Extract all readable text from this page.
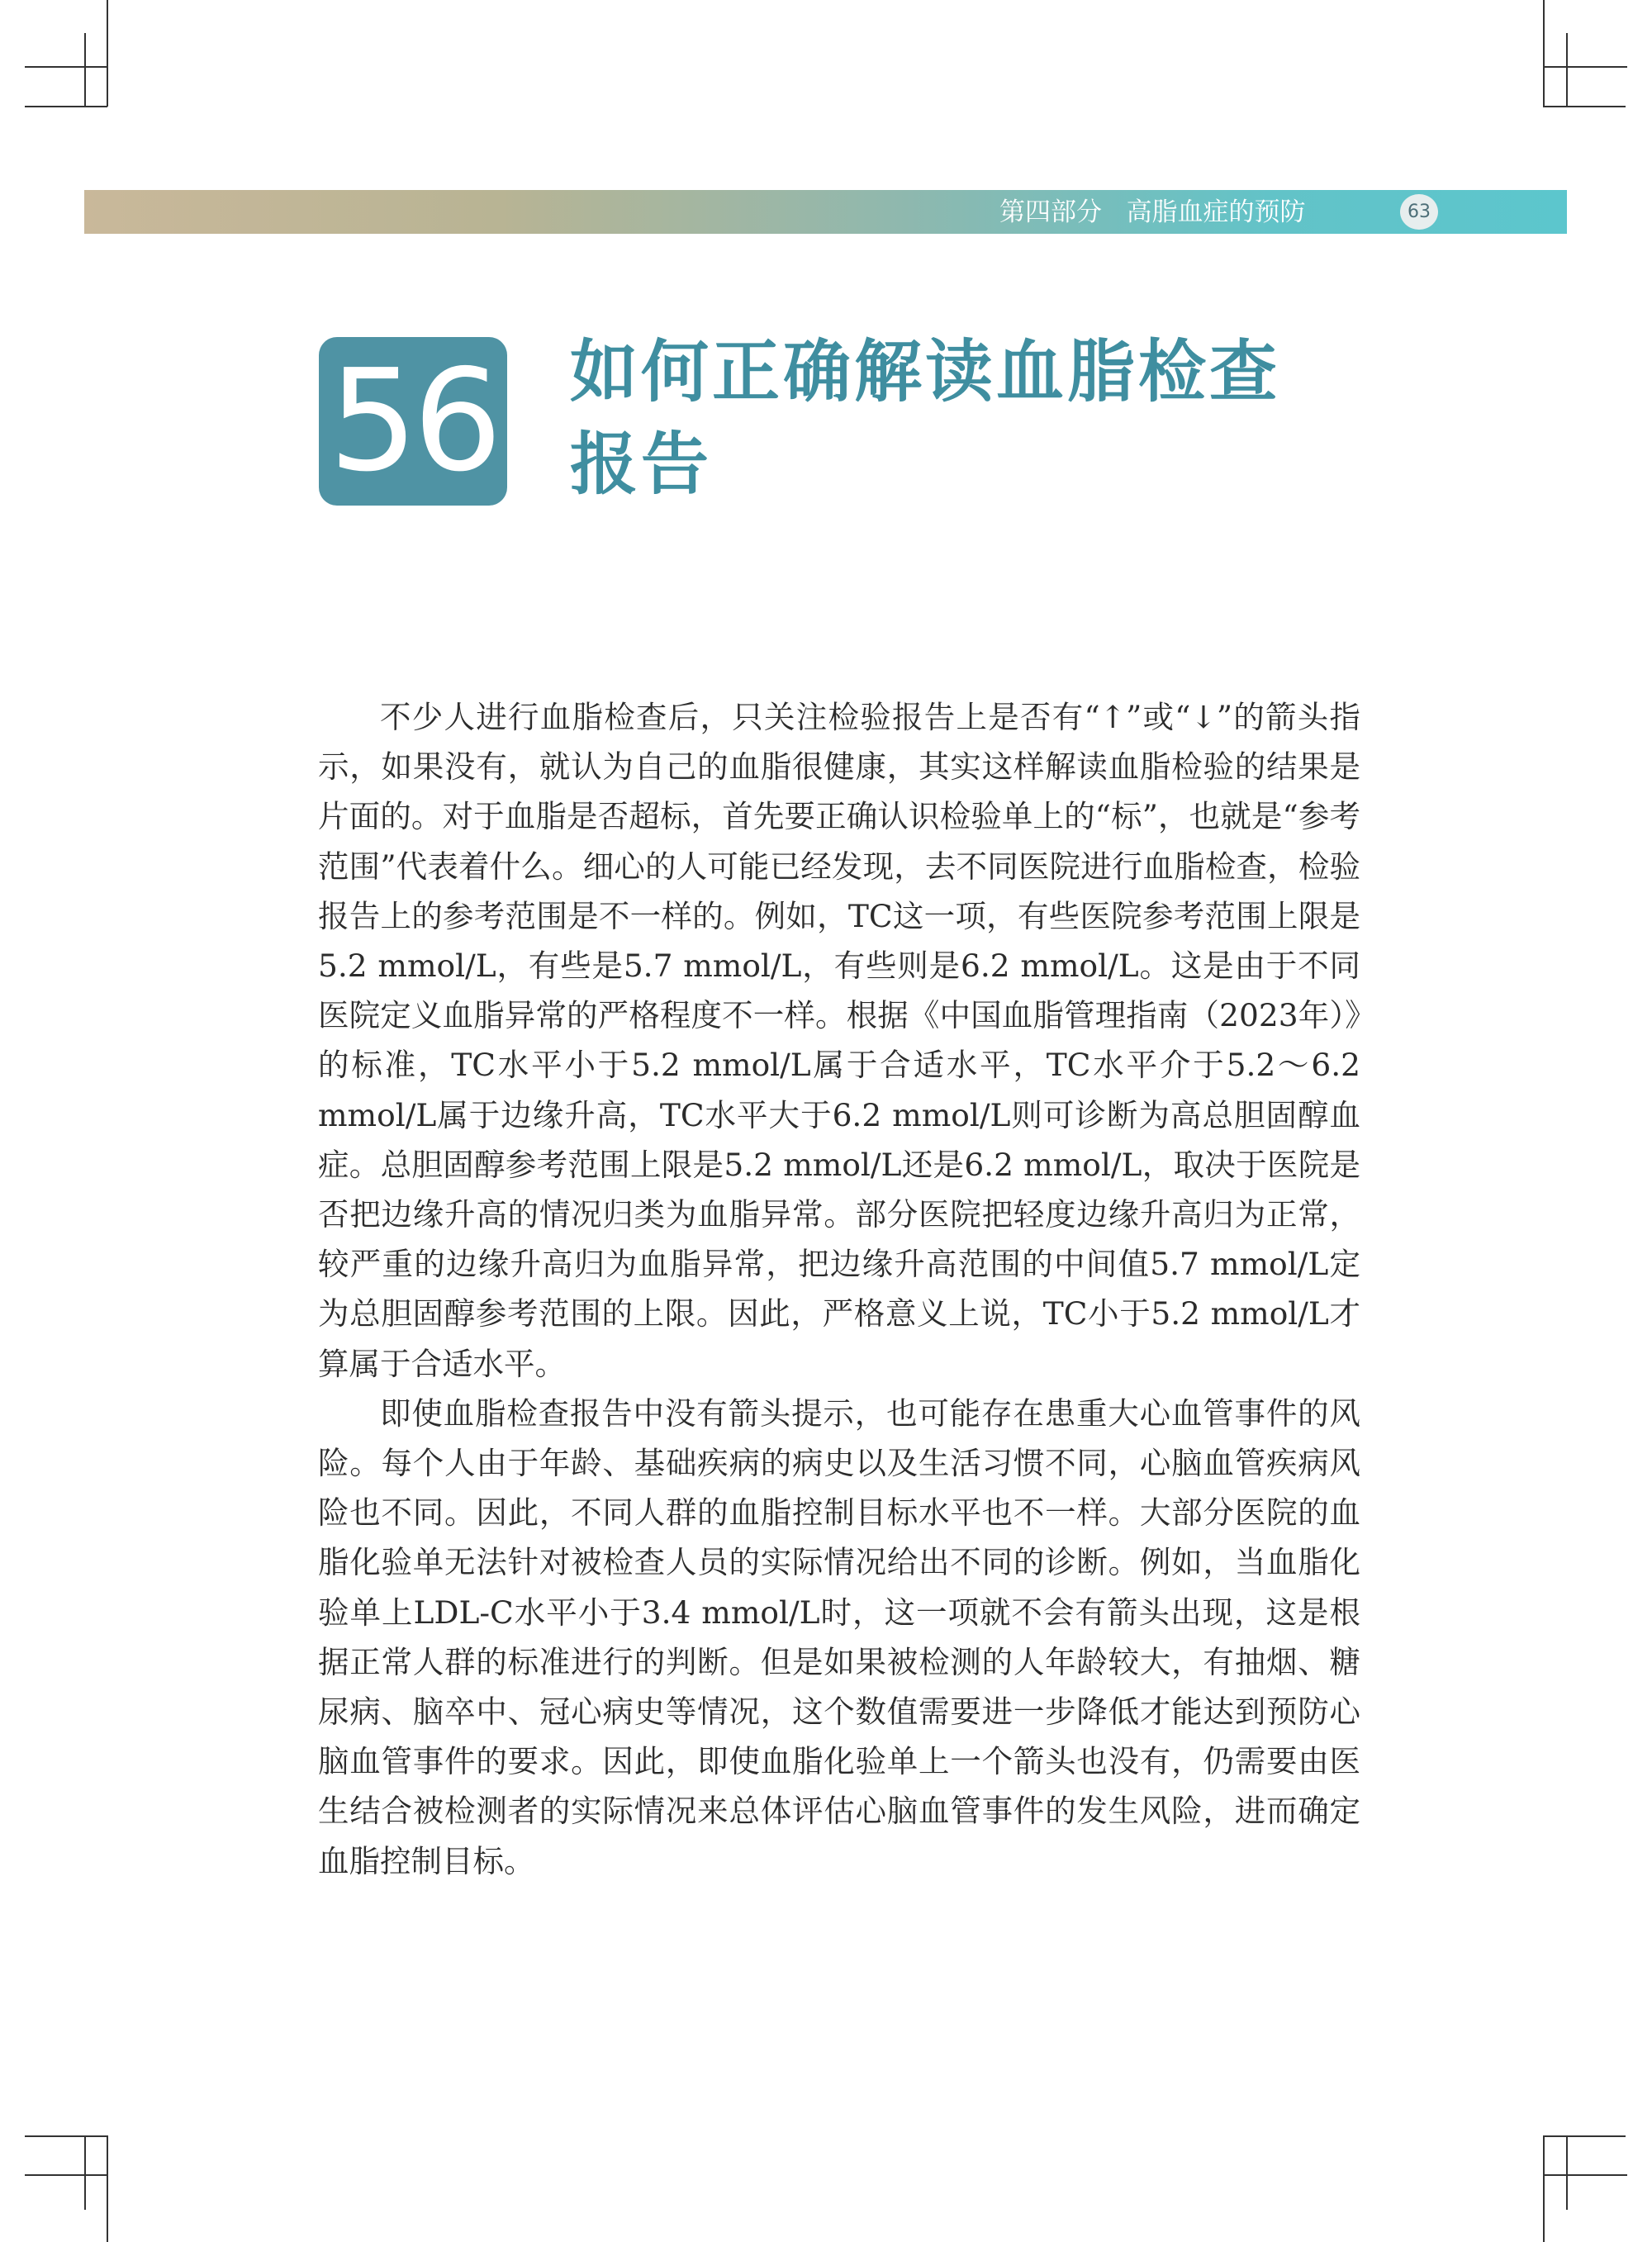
第四部分 高脂血症的预防	63
56 如何正确解读血脂检查
报告

不少人进行血脂检查后，只关注检验报告上是否有“↑”或“↓”的箭头指示，如果没有，就认为自己的血脂很健康，其实这样解读血脂检验的结果是片面的。对于血脂是否超标，首先要正确认识检验单上的“标”，也就是“参考范围”代表着什么。细心的人可能已经发现，去不同医院进行血脂检查，检验报告上的参考范围是不一样的。例如，TC这一项，有些医院参考范围上限是5.2 mmol/L，有些是5.7 mmol/L，有些则是6.2 mmol/L。这是由于不同医院定义血脂异常的严格程度不一样。根据《中国血脂管理指南（2023年）》的标准，TC水平小于5.2 mmol/L属于合适水平，TC水平介于5.2～6.2 mmol/L属于边缘升高，TC水平大于6.2 mmol/L则可诊断为高总胆固醇血症。总胆固醇参考范围上限是5.2 mmol/L还是6.2 mmol/L，取决于医院是否把边缘升高的情况归类为血脂异常。部分医院把轻度边缘升高归为正常，较严重的边缘升高归为血脂异常，把边缘升高范围的中间值5.7 mmol/L定为总胆固醇参考范围的上限。因此，严格意义上说，TC小于5.2 mmol/L才算属于合适水平。

即使血脂检查报告中没有箭头提示，也可能存在患重大心血管事件的风险。每个人由于年龄、基础疾病的病史以及生活习惯不同，心脑血管疾病风险也不同。因此，不同人群的血脂控制目标水平也不一样。大部分医院的血脂化验单无法针对被检查人员的实际情况给出不同的诊断。例如，当血脂化验单上LDL-C水平小于3.4 mmol/L时，这一项就不会有箭头出现，这是根据正常人群的标准进行的判断。但是如果被检测的人年龄较大，有抽烟、糖尿病、脑卒中、冠心病史等情况，这个数值需要进一步降低才能达到预防心脑血管事件的要求。因此，即使血脂化验单上一个箭头也没有，仍需要由医生结合被检测者的实际情况来总体评估心脑血管事件的发生风险，进而确定血脂控制目标。
